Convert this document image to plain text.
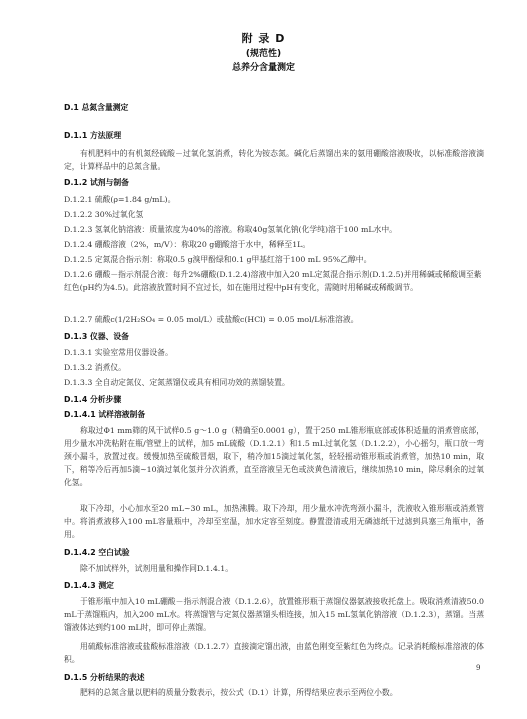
附 录 D
(规范性)
总养分含量测定
D.1 总氮含量测定
D.1.1 方法原理
有机肥料中的有机氮经硫酸－过氧化氢消煮，转化为铵态氮。碱化后蒸馏出来的氨用硼酸溶液吸收，以标准酸溶液滴定，计算样品中的总氮含量。
D.1.2 试剂与制备
D.1.2.1 硫酸(ρ=1.84 g/mL)。
D.1.2.2 30%过氧化氢
D.1.2.3 氢氧化钠溶液：质量浓度为40%的溶液。称取40g氢氧化钠(化学纯)溶于100 mL水中。
D.1.2.4 硼酸溶液（2%，m/V）：称取20 g硼酸溶于水中，稀释至1L。
D.1.2.5 定氮混合指示剂：称取0.5 g溴甲酚绿和0.1 g甲基红溶于100 mL 95%乙醇中。
D.1.2.6 硼酸－指示剂混合液：每升2%硼酸(D.1.2.4)溶液中加入20 mL定氮混合指示剂(D.1.2.5)并用稀碱或稀酸调至紫红色(pH约为4.5)。此溶液放置时间不宜过长，如在施用过程中pH有变化，需随时用稀碱或稀酸调节。
D.1.2.7 硫酸c(1/2H₂SO₄ = 0.05 mol/L）或盐酸c(HCl) = 0.05 mol/L标准溶液。
D.1.3 仪器、设备
D.1.3.1 实验室常用仪器设备。
D.1.3.2 消煮仪。
D.1.3.3 全自动定氮仪、定氮蒸馏仪或具有相同功效的蒸馏装置。
D.1.4 分析步骤
D.1.4.1 试样溶液制备
称取过Φ1 mm筛的风干试样0.5 g～1.0 g（精确至0.0001 g），置于250 mL锥形瓶底部或体积适量的消煮管底部，用少量水冲洗粘附在瓶/管壁上的试样，加5 mL硫酸（D.1.2.1）和1.5 mL过氧化氢（D.1.2.2），小心摇匀，瓶口放一弯颈小漏斗，放置过夜。缓慢加热至硫酸冒烟，取下，稍冷加15滴过氧化氢，轻轻摇动锥形瓶或消煮管，加热10 min，取下，稍等冷后再加5滴~10滴过氧化氢并分次消煮，直至溶液呈无色或淡黄色清液后，继续加热10 min，除尽剩余的过氧化氢。
取下冷却，小心加水至20 mL~30 mL，加热沸腾。取下冷却，用少量水冲洗弯颈小漏斗，洗液收入锥形瓶或消煮管中。将消煮液移入100 mL容量瓶中，冷却至室温，加水定容至刻度。静置澄清或用无磷滤纸干过滤到具塞三角瓶中，备用。
D.1.4.2 空白试验
除不加试样外，试剂用量和操作同D.1.4.1。
D.1.4.3 测定
于锥形瓶中加入10 mL硼酸－指示剂混合液（D.1.2.6），放置锥形瓶于蒸馏仪器氨液接收托盘上。吸取消煮清液50.0 mL于蒸馏瓶内，加入200 mL水。将蒸馏管与定氮仪器蒸馏头相连接，加入15 mL氢氧化钠溶液（D.1.2.3），蒸馏。当蒸馏液体达到约100 mL时，即可停止蒸馏。
用硫酸标准溶液或盐酸标准溶液（D.1.2.7）直接滴定馏出液，由蓝色刚变至紫红色为终点。记录消耗酸标准溶液的体积。
D.1.5 分析结果的表述
肥料的总氮含量以肥料的质量分数表示，按公式（D.1）计算，所得结果应表示至两位小数。
9
